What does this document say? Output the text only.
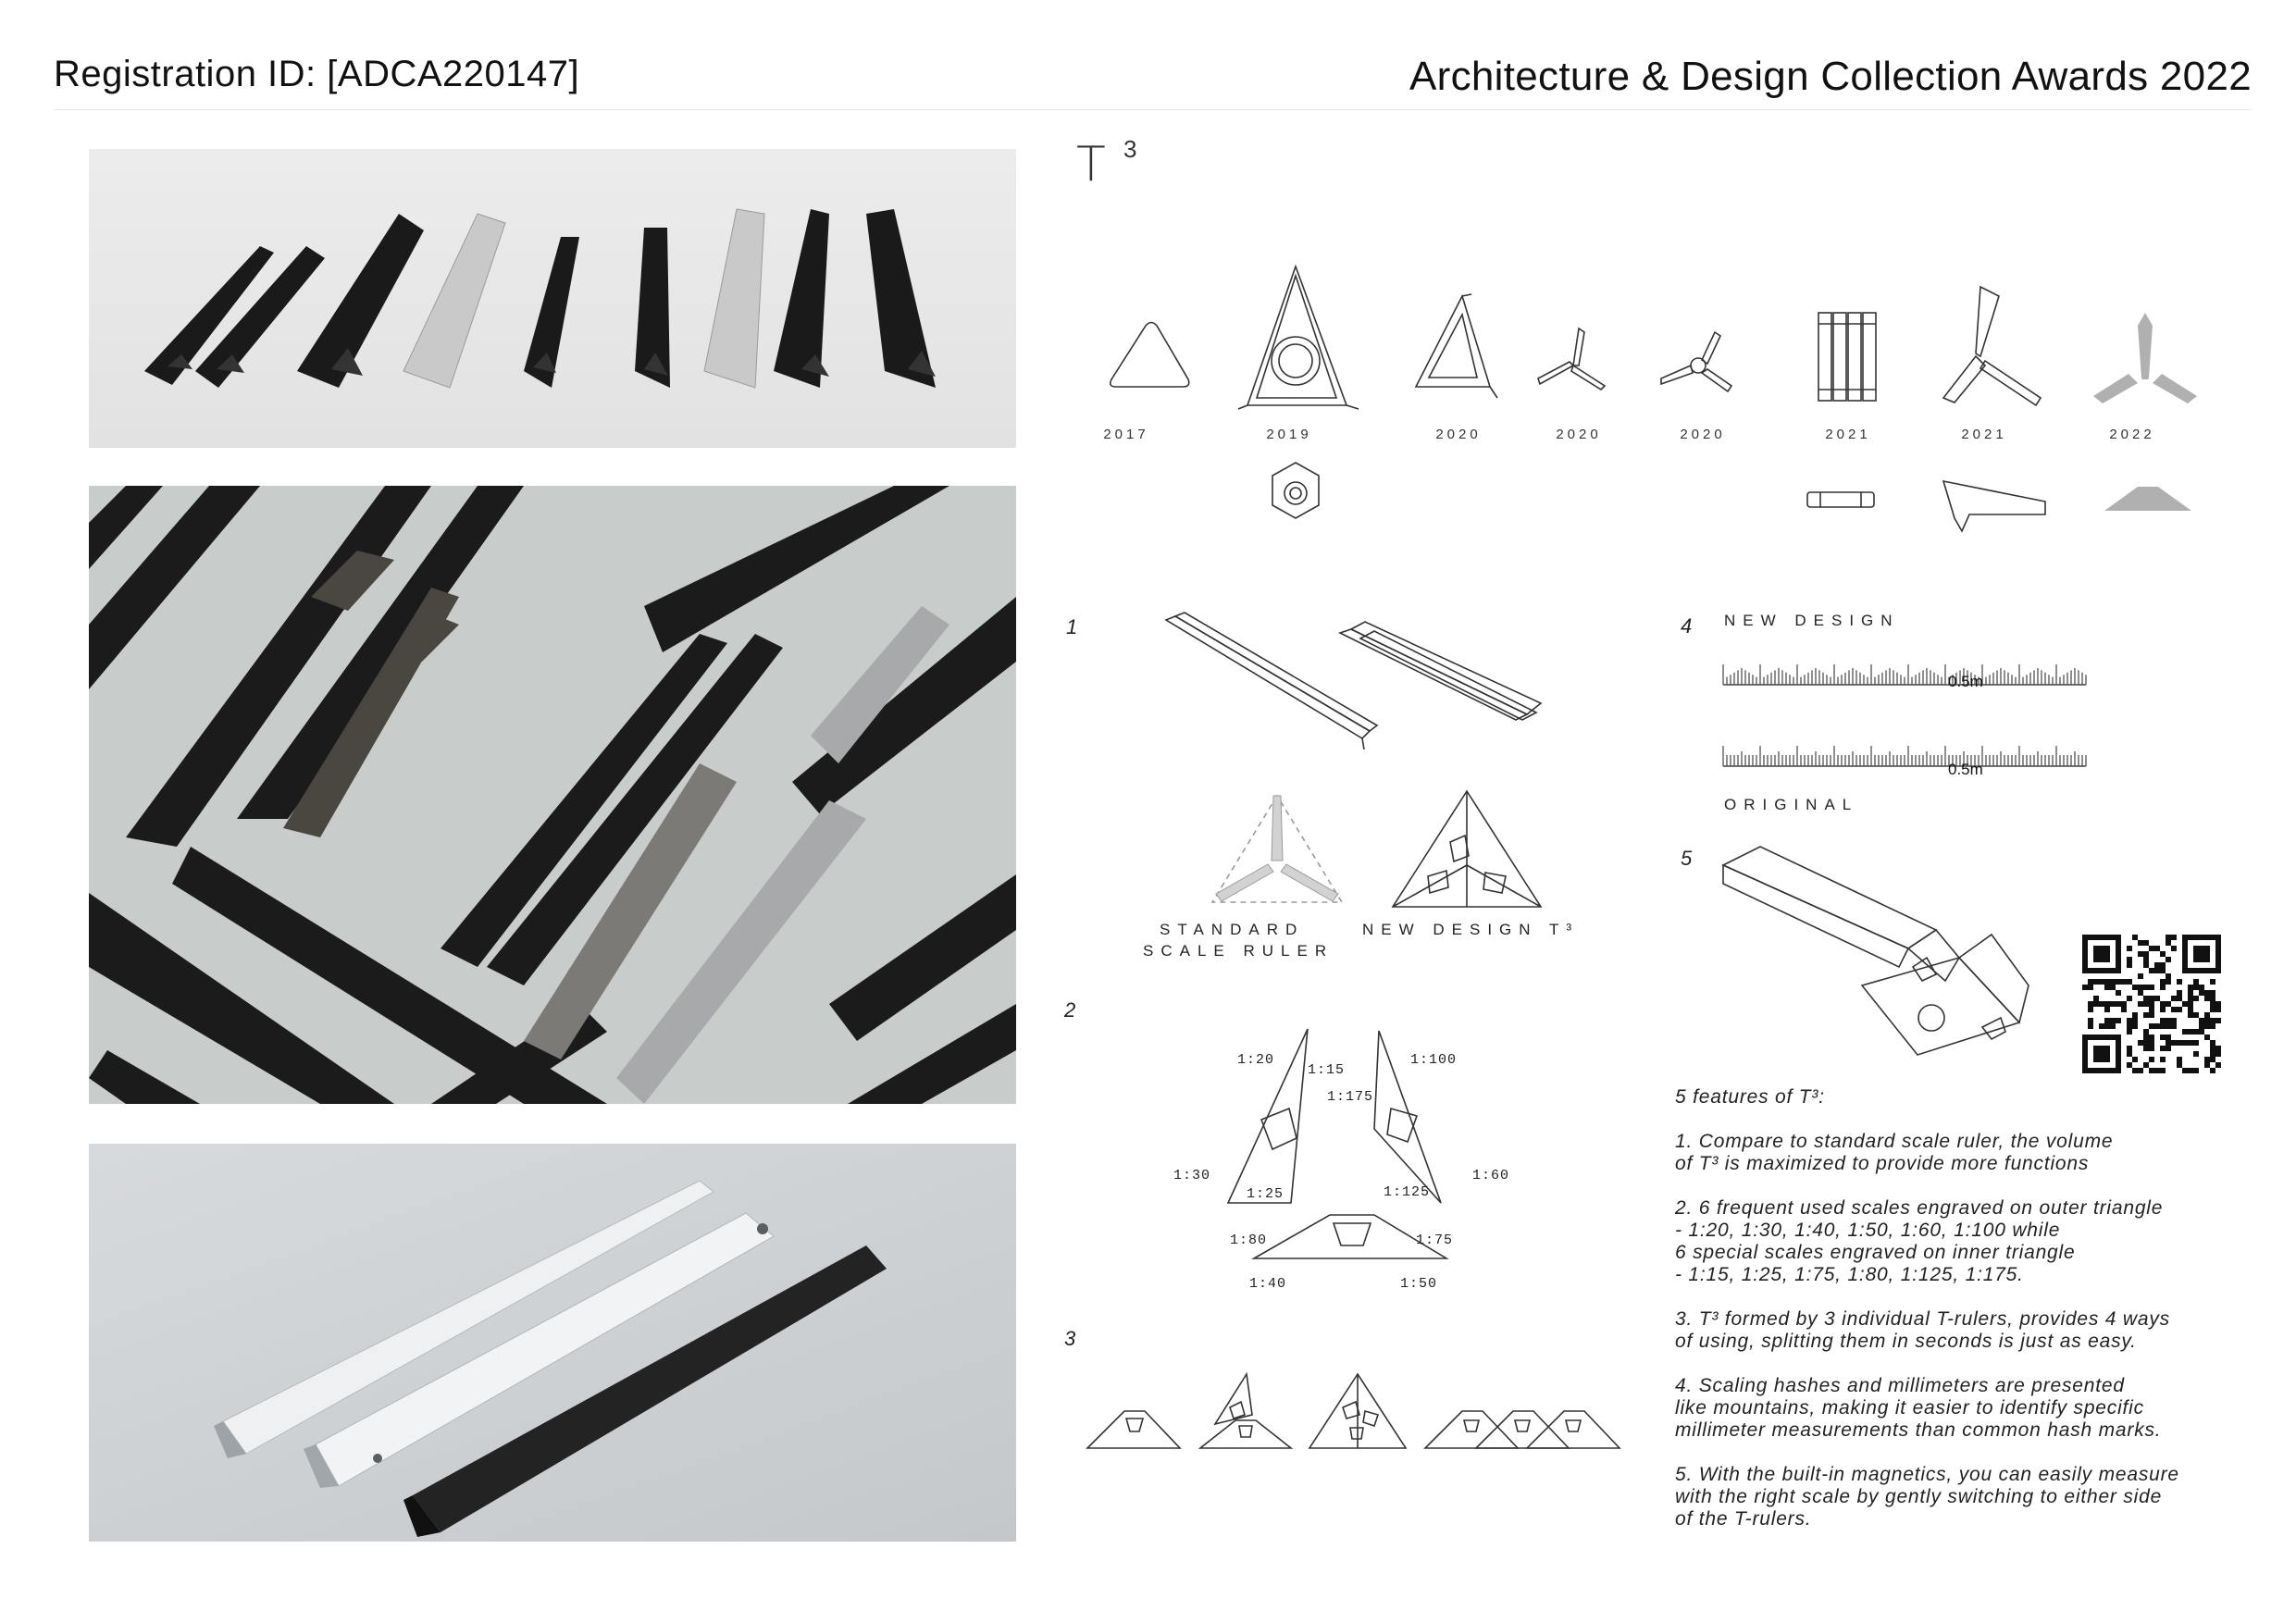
Registration ID: [ADCA220147]	Architecture & Design Collection Awards 2022
T 3
2017	2019	2020	2020	2020	2021	2021	2022
1
STANDARD
SCALE RULER
NEW DESIGN T³
2
1:20
1:15
1:100
1:175
1:30
1:25	1:125
1:60
1:80	1:75
1:40	1:50
3
4 NEW DESIGN
0.5m
0.5m
ORIGINAL
5

5 features of T³:

1. Compare to standard scale ruler, the volume
of T³ is maximized to provide more functions

2. 6 frequent used scales engraved on outer triangle
- 1:20, 1:30, 1:40, 1:50, 1:60, 1:100 while
6 special scales engraved on inner triangle
- 1:15, 1:25, 1:75, 1:80, 1:125, 1:175.

3. T³ formed by 3 individual T-rulers, provides 4 ways
of using, splitting them in seconds is just as easy.

4. Scaling hashes and millimeters are presented
like mountains, making it easier to identify specific
millimeter measurements than common hash marks.

5. With the built-in magnetics, you can easily measure
with the right scale by gently switching to either side
of the T-rulers.
